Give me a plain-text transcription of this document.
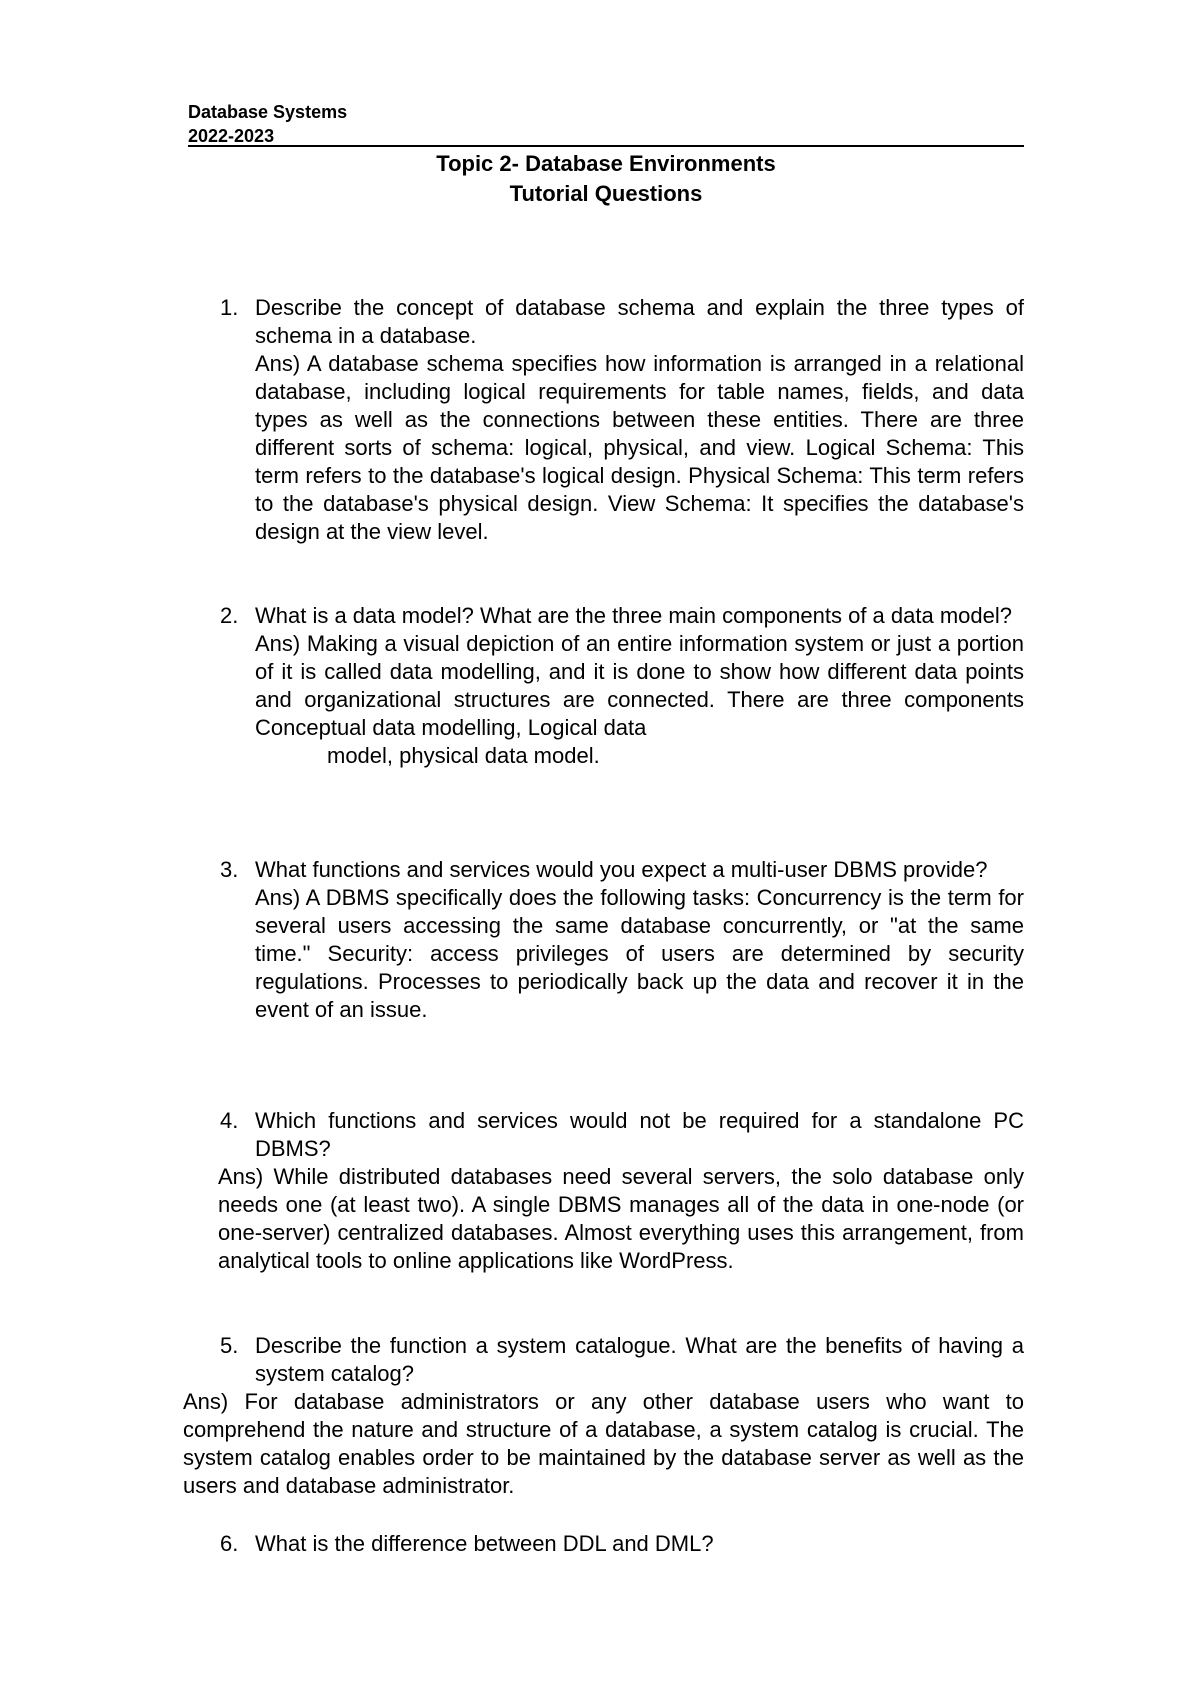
Database Systems
2022-2023
Topic 2- Database Environments
Tutorial Questions
1. Describe the concept of database schema and explain the three types of schema in a database.
Ans) A database schema specifies how information is arranged in a relational database, including logical requirements for table names, fields, and data types as well as the connections between these entities. There are three different sorts of schema: logical, physical, and view. Logical Schema: This term refers to the database's logical design. Physical Schema: This term refers to the database's physical design. View Schema: It specifies the database's design at the view level.
2. What is a data model? What are the three main components of a data model?
Ans) Making a visual depiction of an entire information system or just a portion of it is called data modelling, and it is done to show how different data points and organizational structures are connected. There are three components Conceptual data modelling, Logical data
model, physical data model.
3. What functions and services would you expect a multi-user DBMS provide?
Ans) A DBMS specifically does the following tasks: Concurrency is the term for several users accessing the same database concurrently, or "at the same time." Security: access privileges of users are determined by security regulations. Processes to periodically back up the data and recover it in the event of an issue.
4. Which functions and services would not be required for a standalone PC DBMS?
Ans) While distributed databases need several servers, the solo database only needs one (at least two). A single DBMS manages all of the data in one-node (or one-server) centralized databases. Almost everything uses this arrangement, from analytical tools to online applications like WordPress.
5. Describe the function a system catalogue. What are the benefits of having a system catalog?
Ans) For database administrators or any other database users who want to comprehend the nature and structure of a database, a system catalog is crucial. The system catalog enables order to be maintained by the database server as well as the users and database administrator.
6. What is the difference between DDL and DML?
